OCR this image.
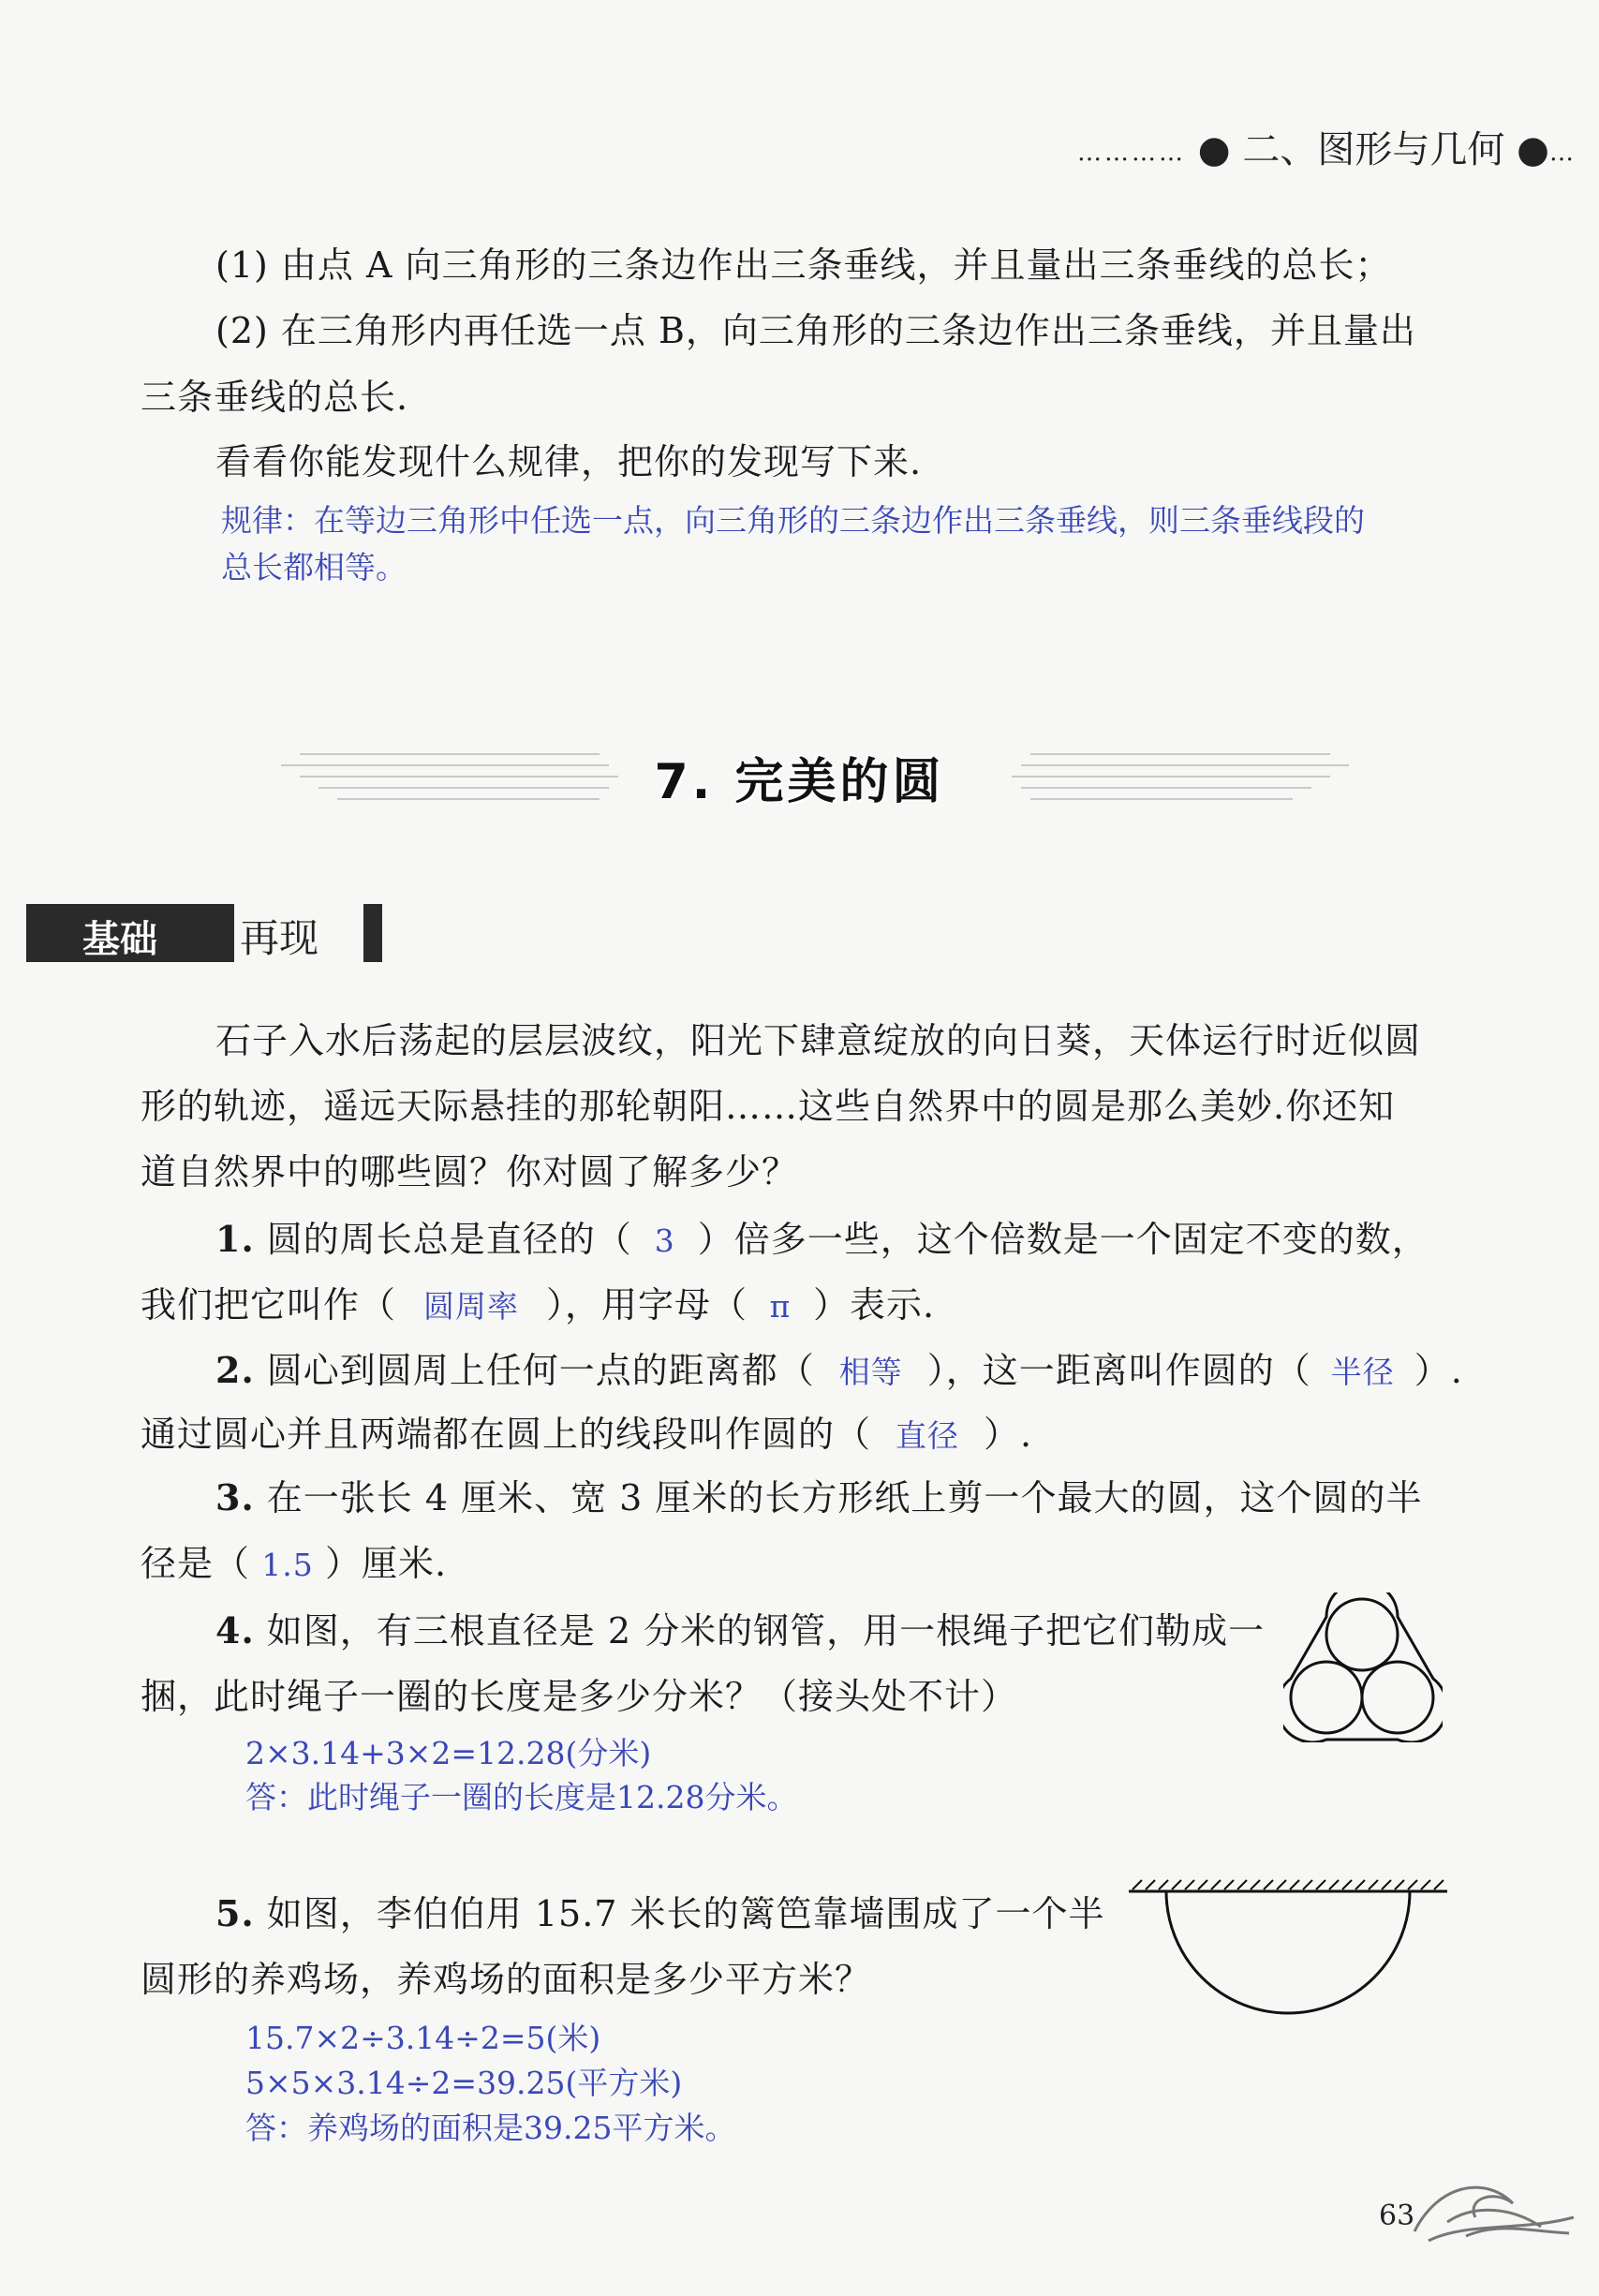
………… ● 二、图形与几何 ●…
(1) 由点 A 向三角形的三条边作出三条垂线，并且量出三条垂线的总长；
(2) 在三角形内再任选一点 B，向三角形的三条边作出三条垂线，并且量出
三条垂线的总长.
看看你能发现什么规律，把你的发现写下来.
规律：在等边三角形中任选一点，向三角形的三条边作出三条垂线，则三条垂线段的
总长都相等。
7. 完美的圆
基础 再现
石子入水后荡起的层层波纹，阳光下肆意绽放的向日葵，天体运行时近似圆
形的轨迹，遥远天际悬挂的那轮朝阳……这些自然界中的圆是那么美妙.你还知
道自然界中的哪些圆？你对圆了解多少？
1. 圆的周长总是直径的（ 3 ）倍多一些，这个倍数是一个固定不变的数，
我们把它叫作（ 圆周率 ），用字母（ π ）表示.
2. 圆心到圆周上任何一点的距离都（ 相等 ），这一距离叫作圆的（ 半径 ）.
通过圆心并且两端都在圆上的线段叫作圆的（ 直径 ）.
3. 在一张长 4 厘米、宽 3 厘米的长方形纸上剪一个最大的圆，这个圆的半
径是（ 1.5 ）厘米.
4. 如图，有三根直径是 2 分米的钢管，用一根绳子把它们勒成一
捆，此时绳子一圈的长度是多少分米？（接头处不计）
2×3.14+3×2=12.28(分米)
答：此时绳子一圈的长度是12.28分米。
5. 如图，李伯伯用 15.7 米长的篱笆靠墙围成了一个半
圆形的养鸡场，养鸡场的面积是多少平方米？
15.7×2÷3.14÷2=5(米)
5×5×3.14÷2=39.25(平方米)
答：养鸡场的面积是39.25平方米。
63
